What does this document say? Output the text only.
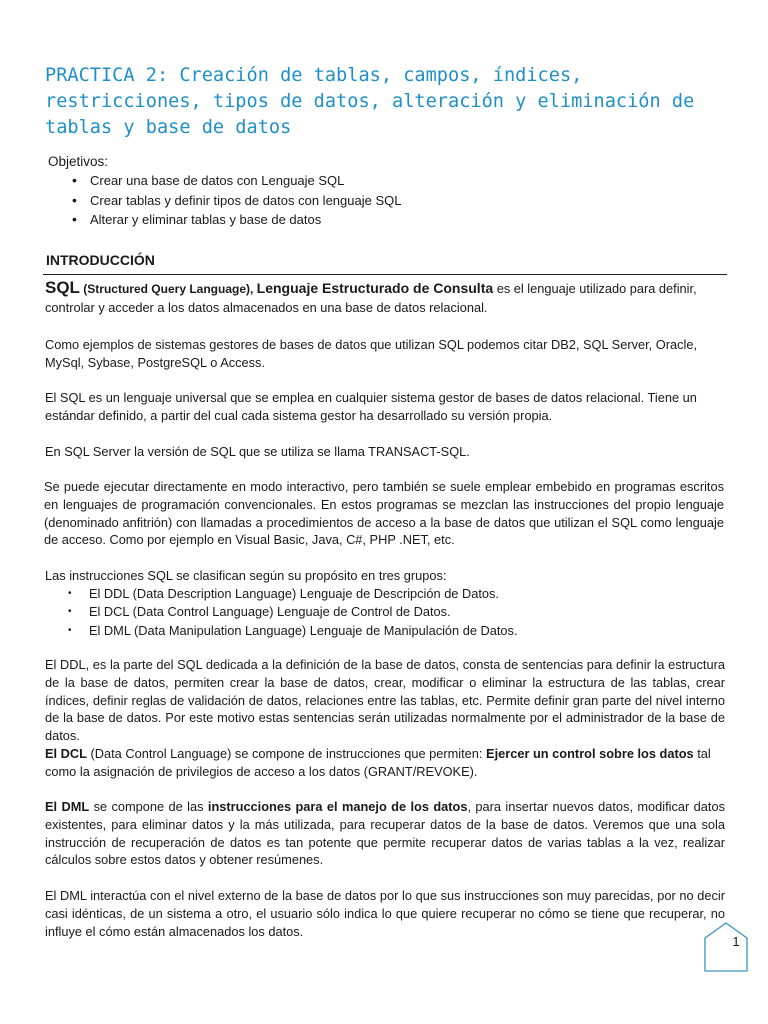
PRACTICA 2: Creación de tablas, campos, índices, restricciones, tipos de datos, alteración y eliminación de tablas y base de datos
Objetivos:
• Crear una base de datos con Lenguaje SQL
• Crear tablas y definir tipos de datos con lenguaje SQL
• Alterar y eliminar tablas y base de datos
INTRODUCCIÓN

SQL (Structured Query Language), Lenguaje Estructurado de Consulta es el lenguaje utilizado para definir, controlar y acceder a los datos almacenados en una base de datos relacional.

Como ejemplos de sistemas gestores de bases de datos que utilizan SQL podemos citar DB2, SQL Server, Oracle, MySql, Sybase, PostgreSQL o Access.

El SQL es un lenguaje universal que se emplea en cualquier sistema gestor de bases de datos relacional. Tiene un estándar definido, a partir del cual cada sistema gestor ha desarrollado su versión propia.

En SQL Server la versión de SQL que se utiliza se llama TRANSACT-SQL.

Se puede ejecutar directamente en modo interactivo, pero también se suele emplear embebido en programas escritos en lenguajes de programación convencionales. En estos programas se mezclan las instrucciones del propio lenguaje (denominado anfitrión) con llamadas a procedimientos de acceso a la base de datos que utilizan el SQL como lenguaje de acceso. Como por ejemplo en Visual Basic, Java, C#, PHP .NET, etc.

Las instrucciones SQL se clasifican según su propósito en tres grupos:

• El DDL (Data Description Language) Lenguaje de Descripción de Datos.
• El DCL (Data Control Language) Lenguaje de Control de Datos.
• El DML (Data Manipulation Language) Lenguaje de Manipulación de Datos.

El DDL, es la parte del SQL dedicada a la definición de la base de datos, consta de sentencias para definir la estructura de la base de datos, permiten crear la base de datos, crear, modificar o eliminar la estructura de las tablas, crear índices, definir reglas de validación de datos, relaciones entre las tablas, etc. Permite definir gran parte del nivel interno de la base de datos. Por este motivo estas sentencias serán utilizadas normalmente por el administrador de la base de datos.

El DCL (Data Control Language) se compone de instrucciones que permiten: Ejercer un control sobre los datos tal como la asignación de privilegios de acceso a los datos (GRANT/REVOKE).

El DML se compone de las instrucciones para el manejo de los datos, para insertar nuevos datos, modificar datos existentes, para eliminar datos y la más utilizada, para recuperar datos de la base de datos. Veremos que una sola instrucción de recuperación de datos es tan potente que permite recuperar datos de varias tablas a la vez, realizar cálculos sobre estos datos y obtener resúmenes.

El DML interactúa con el nivel externo de la base de datos por lo que sus instrucciones son muy parecidas, por no decir casi idénticas, de un sistema a otro, el usuario sólo indica lo que quiere recuperar no cómo se tiene que recuperar, no influye el cómo están almacenados los datos.

1
